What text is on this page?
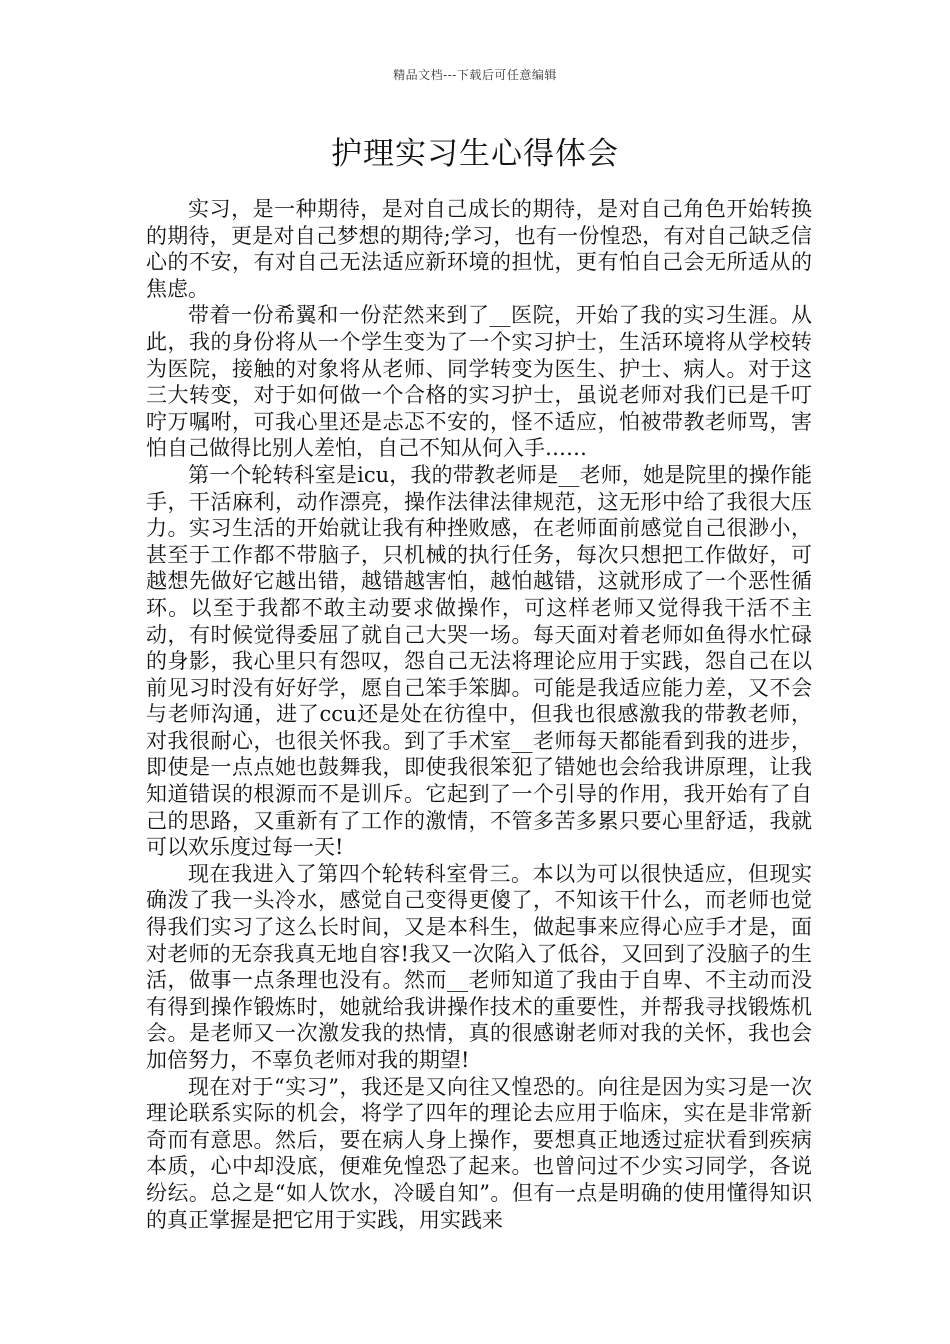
精品文档---下载后可任意编辑
护理实习生心得体会

实习，是一种期待，是对自己成长的期待，是对自己角色开始转换的期待，更是对自己梦想的期待;学习，也有一份惶恐，有对自己缺乏信心的不安，有对自己无法适应新环境的担忧，更有怕自己会无所适从的焦虑。

带着一份希翼和一份茫然来到了__医院，开始了我的实习生涯。从此，我的身份将从一个学生变为了一个实习护士，生活环境将从学校转为医院，接触的对象将从老师、同学转变为医生、护士、病人。对于这三大转变，对于如何做一个合格的实习护士，虽说老师对我们已是千叮咛万嘱咐，可我心里还是忐忑不安的，怪不适应，怕被带教老师骂，害怕自己做得比别人差怕，自己不知从何入手……

第一个轮转科室是icu，我的带教老师是__老师，她是院里的操作能手，干活麻利，动作漂亮，操作法律法律规范，这无形中给了我很大压力。实习生活的开始就让我有种挫败感，在老师面前感觉自己很渺小，甚至于工作都不带脑子，只机械的执行任务，每次只想把工作做好，可越想先做好它越出错，越错越害怕，越怕越错，这就形成了一个恶性循环。以至于我都不敢主动要求做操作，可这样老师又觉得我干活不主动，有时候觉得委屈了就自己大哭一场。每天面对着老师如鱼得水忙碌的身影，我心里只有怨叹，怨自己无法将理论应用于实践，怨自己在以前见习时没有好好学，愿自己笨手笨脚。可能是我适应能力差，又不会与老师沟通，进了ccu还是处在彷徨中，但我也很感激我的带教老师，对我很耐心，也很关怀我。到了手术室__老师每天都能看到我的进步，即使是一点点她也鼓舞我，即使我很笨犯了错她也会给我讲原理，让我知道错误的根源而不是训斥。它起到了一个引导的作用，我开始有了自己的思路，又重新有了工作的激情，不管多苦多累只要心里舒适，我就可以欢乐度过每一天!

现在我进入了第四个轮转科室骨三。本以为可以很快适应，但现实确泼了我一头冷水，感觉自己变得更傻了，不知该干什么，而老师也觉得我们实习了这么长时间，又是本科生，做起事来应得心应手才是，面对老师的无奈我真无地自容!我又一次陷入了低谷，又回到了没脑子的生活，做事一点条理也没有。然而__老师知道了我由于自卑、不主动而没有得到操作锻炼时，她就给我讲操作技术的重要性，并帮我寻找锻炼机会。是老师又一次激发我的热情，真的很感谢老师对我的关怀，我也会加倍努力，不辜负老师对我的期望!

现在对于“实习”，我还是又向往又惶恐的。向往是因为实习是一次理论联系实际的机会，将学了四年的理论去应用于临床，实在是非常新奇而有意思。然后，要在病人身上操作，要想真正地透过症状看到疾病本质，心中却没底，便难免惶恐了起来。也曾问过不少实习同学，各说纷纭。总之是“如人饮水，冷暖自知”。但有一点是明确的使用懂得知识的真正掌握是把它用于实践，用实践来
